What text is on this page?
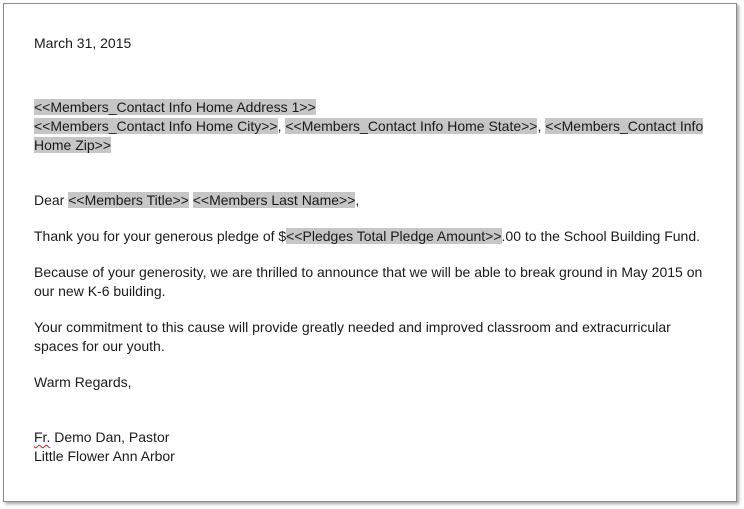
March 31, 2015

<<Members_Contact Info Home Address 1>>

<<Members_Contact Info Home City>>, <<Members_Contact Info Home State>>, <<Members_Contact Info Home Zip>>

Dear <<Members Title>> <<Members Last Name>>,

Thank you for your generous pledge of $<<Pledges Total Pledge Amount>>.00 to the School Building Fund.

Because of your generosity, we are thrilled to announce that we will be able to break ground in May 2015 on our new K-6 building.

Your commitment to this cause will provide greatly needed and improved classroom and extracurricular spaces for our youth.

Warm Regards,

Fr. Demo Dan, Pastor

Little Flower Ann Arbor
